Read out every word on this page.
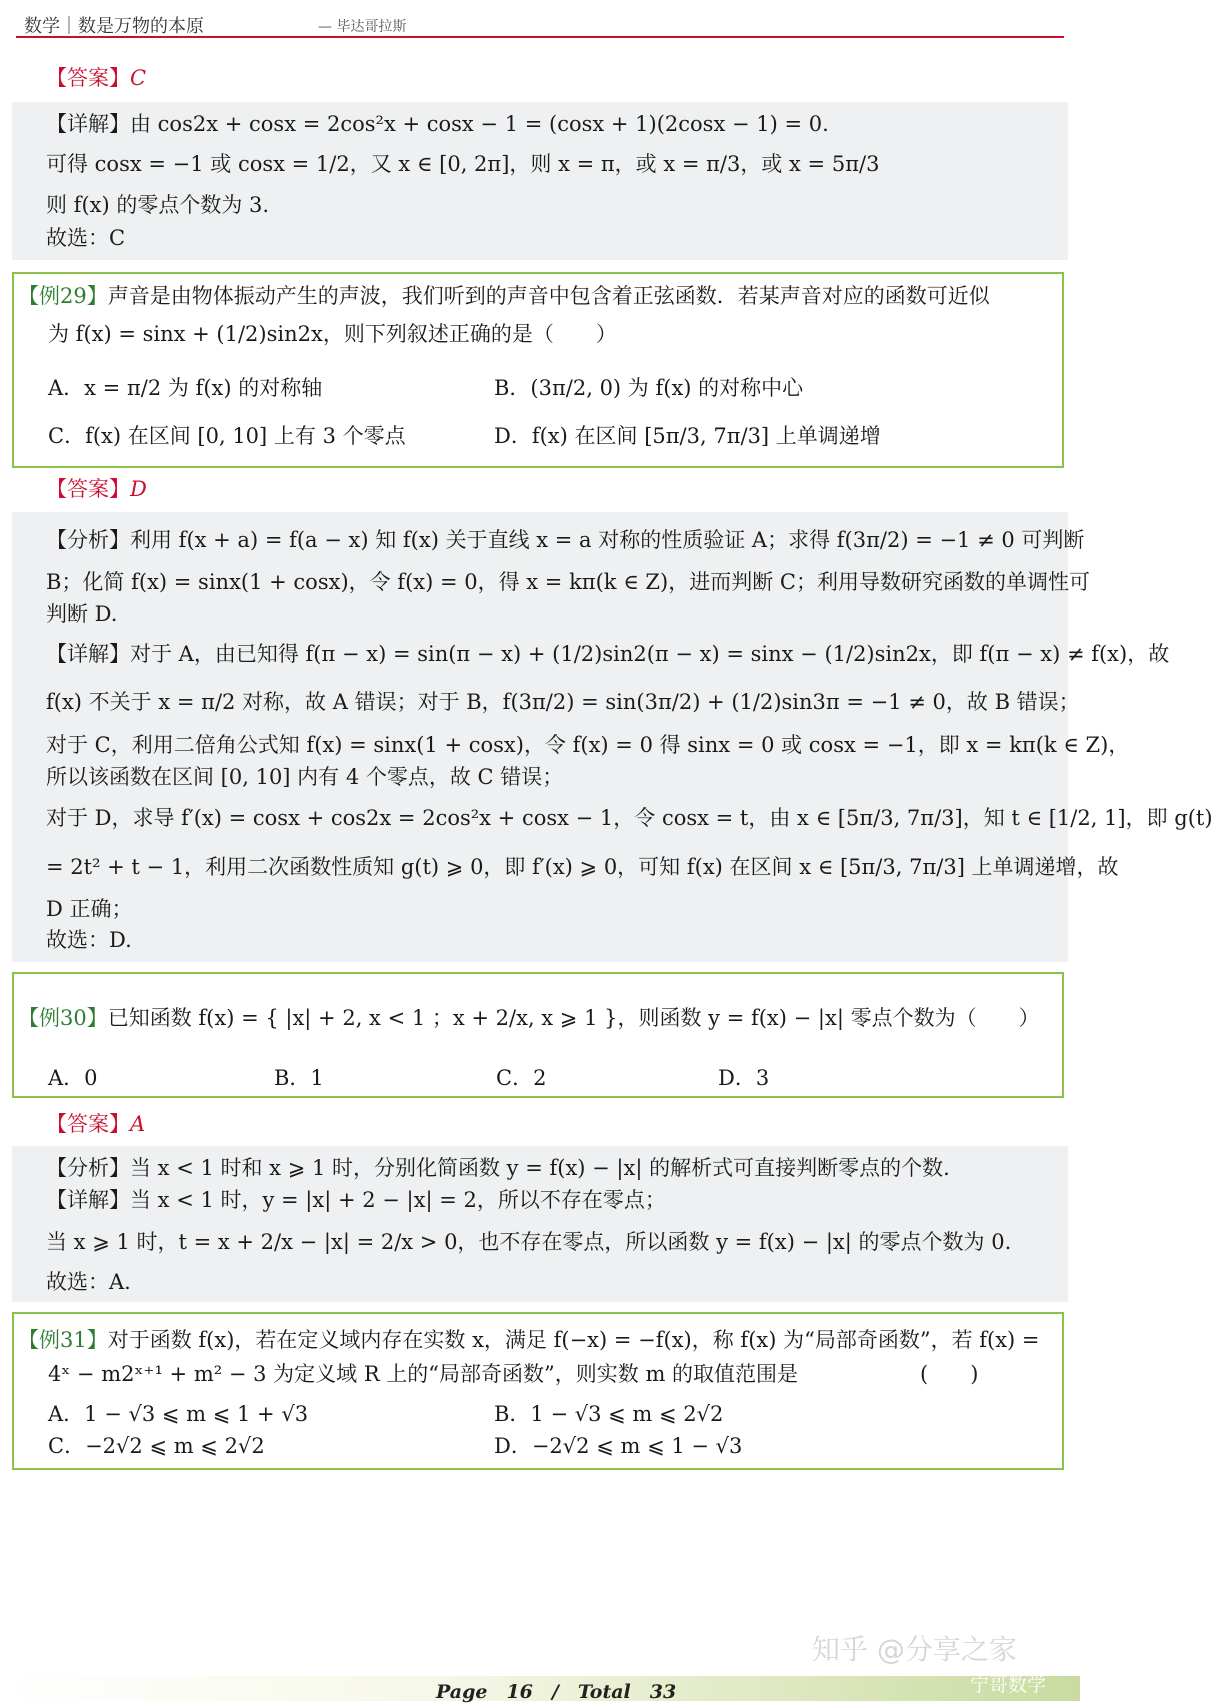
数学｜数是万物的本原	— 毕达哥拉斯
【答案】C
【详解】由 cos2x + cosx = 2cos²x + cosx − 1 = (cosx + 1)(2cosx − 1) = 0.
可得 cosx = −1 或 cosx = 1/2，又 x ∈ [0, 2π]，则 x = π，或 x = π/3，或 x = 5π/3
则 f(x) 的零点个数为 3.
故选：C
【例29】声音是由物体振动产生的声波，我们听到的声音中包含着正弦函数．若某声音对应的函数可近似
为 f(x) = sinx + (1/2)sin2x，则下列叙述正确的是（　　）
A．x = π/2 为 f(x) 的对称轴	B．(3π/2, 0) 为 f(x) 的对称中心
C．f(x) 在区间 [0, 10] 上有 3 个零点	D．f(x) 在区间 [5π/3, 7π/3] 上单调递增
【答案】D
【分析】利用 f(x + a) = f(a − x) 知 f(x) 关于直线 x = a 对称的性质验证 A；求得 f(3π/2) = −1 ≠ 0 可判断
B；化简 f(x) = sinx(1 + cosx)，令 f(x) = 0，得 x = kπ(k ∈ Z)，进而判断 C；利用导数研究函数的单调性可
判断 D.
【详解】对于 A，由已知得 f(π − x) = sin(π − x) + (1/2)sin2(π − x) = sinx − (1/2)sin2x，即 f(π − x) ≠ f(x)，故
f(x) 不关于 x = π/2 对称，故 A 错误；对于 B，f(3π/2) = sin(3π/2) + (1/2)sin3π = −1 ≠ 0，故 B 错误；
对于 C，利用二倍角公式知 f(x) = sinx(1 + cosx)，令 f(x) = 0 得 sinx = 0 或 cosx = −1，即 x = kπ(k ∈ Z)，
所以该函数在区间 [0, 10] 内有 4 个零点，故 C 错误；
对于 D，求导 f′(x) = cosx + cos2x = 2cos²x + cosx − 1，令 cosx = t，由 x ∈ [5π/3, 7π/3]，知 t ∈ [1/2, 1]，即 g(t)
= 2t² + t − 1，利用二次函数性质知 g(t) ⩾ 0，即 f′(x) ⩾ 0，可知 f(x) 在区间 x ∈ [5π/3, 7π/3] 上单调递增，故
D 正确；
故选：D.
【例30】已知函数 f(x) = { |x| + 2, x < 1 ；x + 2/x, x ⩾ 1 }，则函数 y = f(x) − |x| 零点个数为（　　）
A．0	B．1	C．2	D．3
【答案】A
【分析】当 x < 1 时和 x ⩾ 1 时，分别化简函数 y = f(x) − |x| 的解析式可直接判断零点的个数.
【详解】当 x < 1 时，y = |x| + 2 − |x| = 2，所以不存在零点；
当 x ⩾ 1 时，t = x + 2/x − |x| = 2/x > 0，也不存在零点，所以函数 y = f(x) − |x| 的零点个数为 0.
故选：A.
【例31】对于函数 f(x)，若在定义域内存在实数 x，满足 f(−x) = −f(x)，称 f(x) 为“局部奇函数”，若 f(x) =
4ˣ − m2ˣ⁺¹ + m² − 3 为定义域 R 上的“局部奇函数”，则实数 m 的取值范围是	(　　)
A．1 − √3 ⩽ m ⩽ 1 + √3	B．1 − √3 ⩽ m ⩽ 2√2
C．−2√2 ⩽ m ⩽ 2√2	D．−2√2 ⩽ m ⩽ 1 − √3
知乎 @分享之家
Page　16　/　Total　33	宁哥数学
